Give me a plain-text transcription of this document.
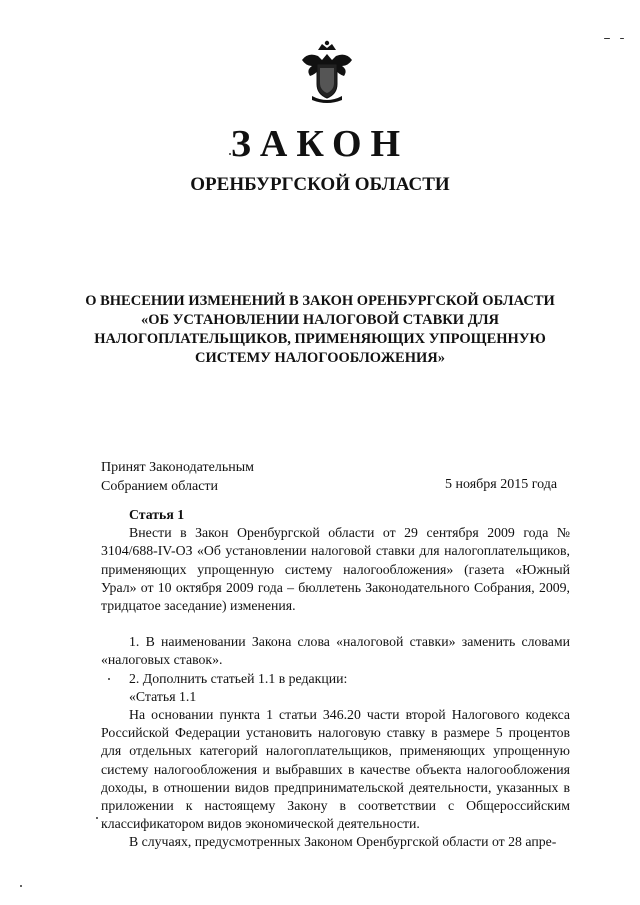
ЗАКОН
ОРЕНБУРГСКОЙ ОБЛАСТИ
О ВНЕСЕНИИ ИЗМЕНЕНИЙ В ЗАКОН ОРЕНБУРГСКОЙ ОБЛАСТИ «ОБ УСТАНОВЛЕНИИ НАЛОГОВОЙ СТАВКИ ДЛЯ НАЛОГОПЛАТЕЛЬЩИКОВ, ПРИМЕНЯЮЩИХ УПРОЩЕННУЮ СИСТЕМУ НАЛОГООБЛОЖЕНИЯ»
Принят Законодательным
Собранием области	5 ноября 2015 года

Статья 1

Внести в Закон Оренбургской области от 29 сентября 2009 года № 3104/688-IV-ОЗ «Об установлении налоговой ставки для налогоплательщиков, применяющих упрощенную систему налогообложения» (газета «Южный Урал» от 10 октября 2009 года – бюллетень Законодательного Собрания, 2009, тридцатое заседание) изменения.

1. В наименовании Закона слова «налоговой ставки» заменить словами «налоговых ставок».

2. Дополнить статьей 1.1 в редакции:

«Статья 1.1

На основании пункта 1 статьи 346.20 части второй Налогового кодекса Российской Федерации установить налоговую ставку в размере 5 процентов для отдельных категорий налогоплательщиков, применяющих упрощенную систему налогообложения и выбравших в качестве объекта налогообложения доходы, в отношении видов предпринимательской деятельности, указанных в приложении к настоящему Закону в соответствии с Общероссийским классификатором видов экономической деятельности.

В случаях, предусмотренных Законом Оренбургской области от 28 апре-
